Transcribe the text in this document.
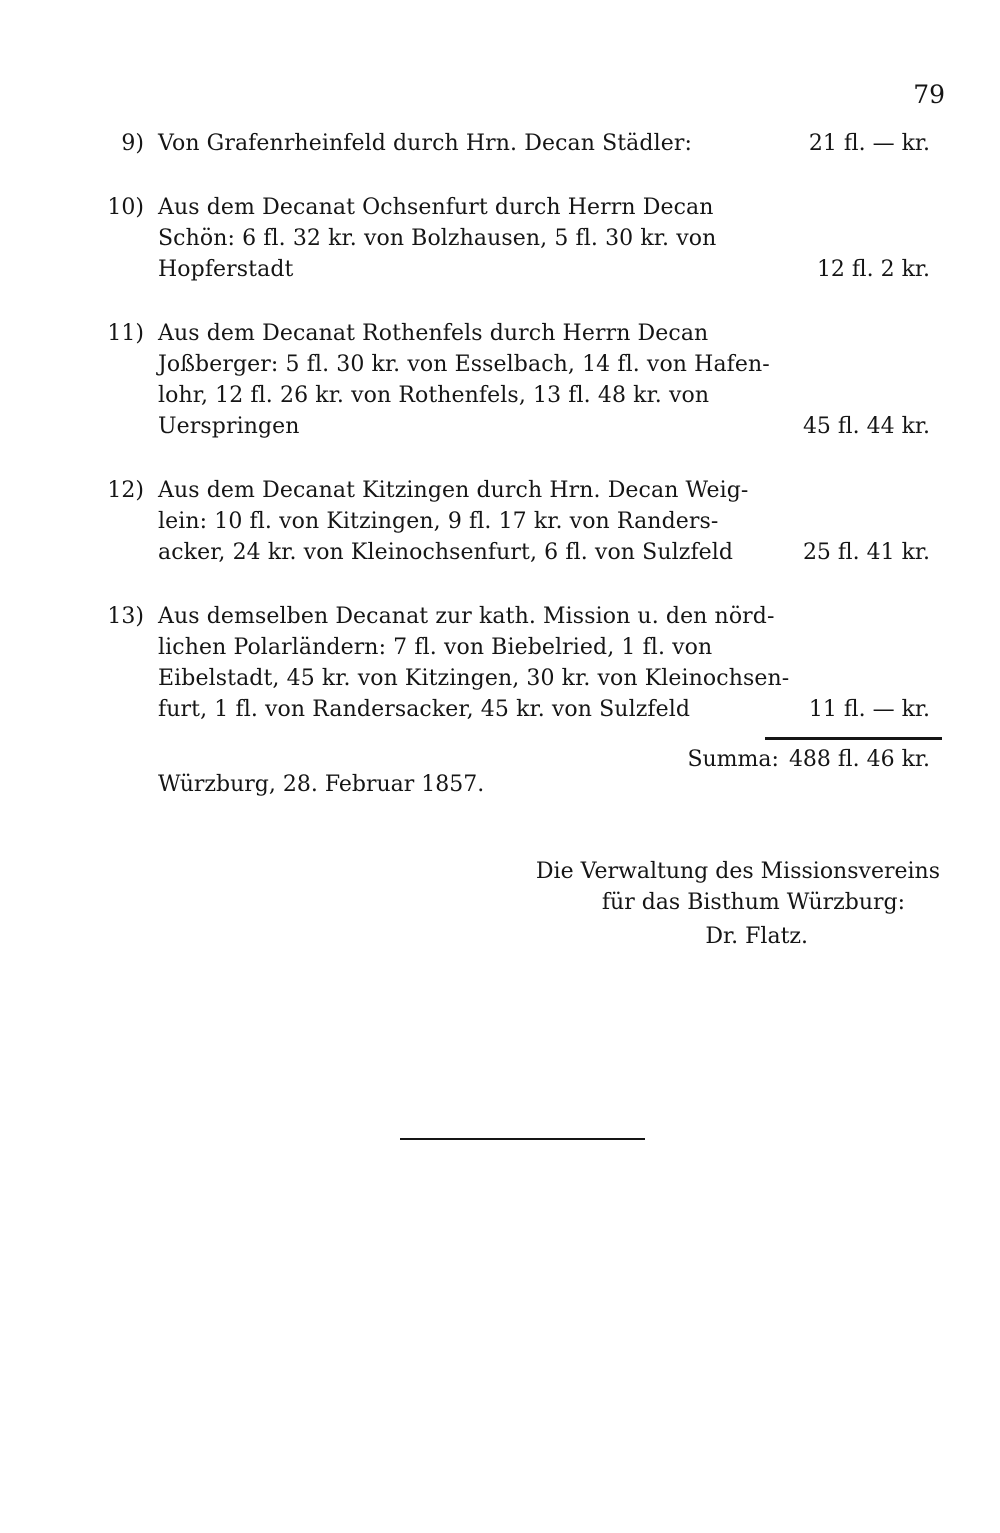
79
9) Von Grafenrheinfeld durch Hrn. Decan Städler:	21 fl. — kr.
10) Aus dem Decanat Ochsenfurt durch Herrn Decan
Schön: 6 fl. 32 kr. von Bolzhausen, 5 fl. 30 kr. von
Hopferstadt	12 fl. 2 kr.
11) Aus dem Decanat Rothenfels durch Herrn Decan
Joßberger: 5 fl. 30 kr. von Esselbach, 14 fl. von Hafen-
lohr, 12 fl. 26 kr. von Rothenfels, 13 fl. 48 kr. von
Uerspringen	45 fl. 44 kr.
12) Aus dem Decanat Kitzingen durch Hrn. Decan Weig-
lein: 10 fl. von Kitzingen, 9 fl. 17 kr. von Randers-
acker, 24 kr. von Kleinochsenfurt, 6 fl. von Sulzfeld	25 fl. 41 kr.
13) Aus demselben Decanat zur kath. Mission u. den nörd-
lichen Polarländern: 7 fl. von Biebelried, 1 fl. von
Eibelstadt, 45 kr. von Kitzingen, 30 kr. von Kleinochsen-
furt, 1 fl. von Randersacker, 45 kr. von Sulzfeld	11 fl. — kr.
Summa: 488 fl. 46 kr.
Würzburg, 28. Februar 1857.
Die Verwaltung des Missionsvereins
für das Bisthum Würzburg:
Dr. Flatz.
